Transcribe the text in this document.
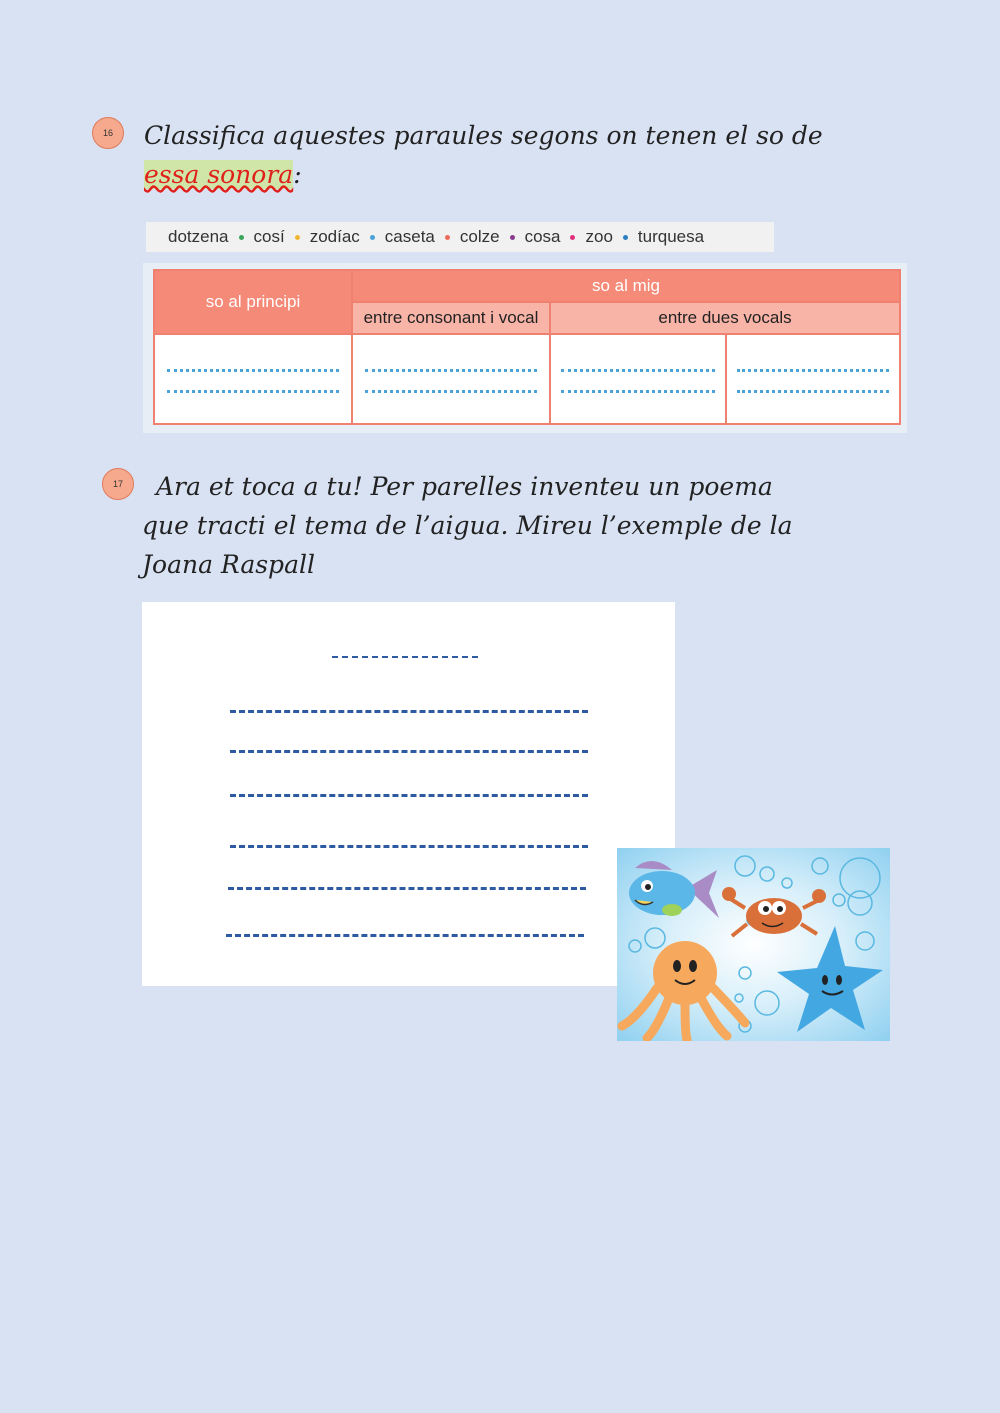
16 Classifica aquestes paraules segons on tenen el so de
essa sonora:
dotzena cosí zodíac caseta colze cosa zoo turquesa
so al principi	so al mig		
	entre consonant i vocal	entre dues vocals	

17	Ara et toca a tu! Per parelles inventeu un poema
que tracti el tema de l’aigua. Mireu l’exemple de la
Joana Raspall
